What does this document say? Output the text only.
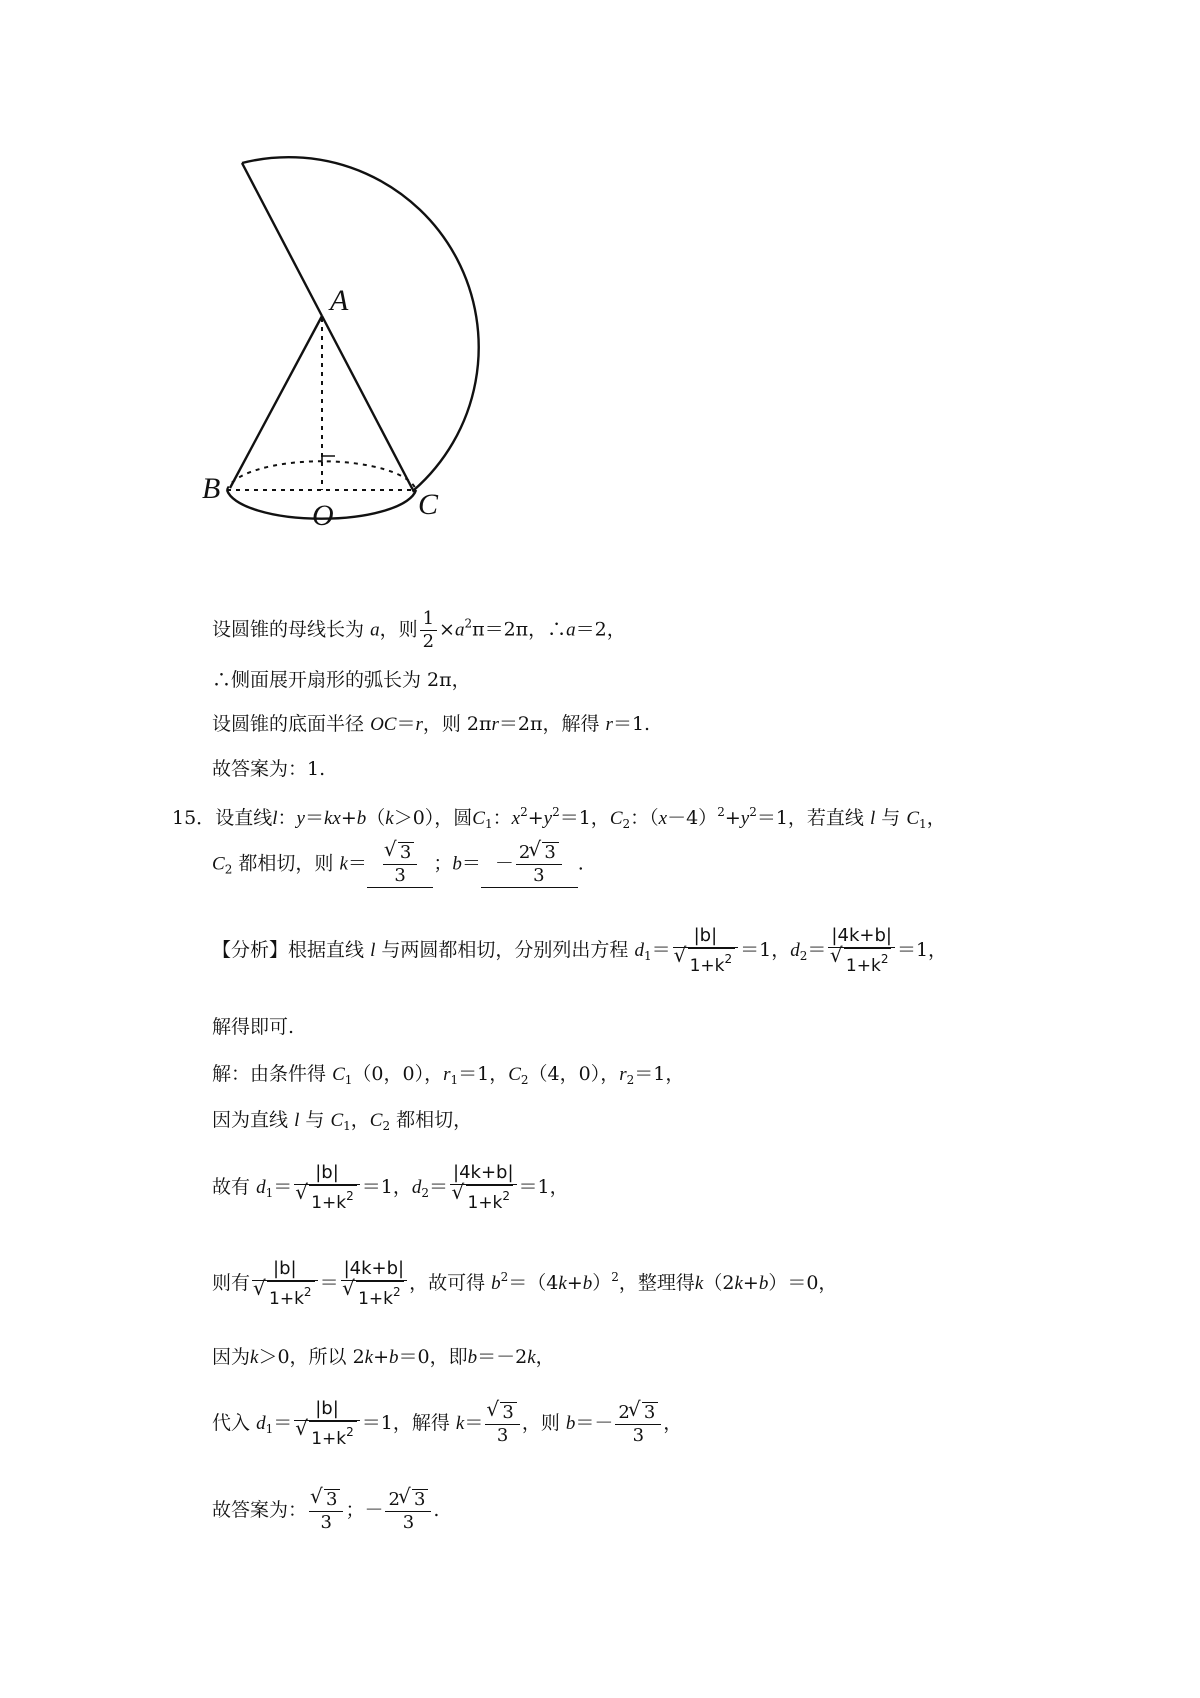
A
B
O	C
设圆锥的母线长为 a，则 $\frac{1}{2} \times a^2\pi=2\pi$，∴a＝2，
∴侧面展开扇形的弧长为 2π，
设圆锥的底面半径 OC＝r，则 2πr＝2π，解得 r＝1.
故答案为：1.
15．设直线l：y＝kx+b（k＞0），圆$C_1$：$x^2+y^2=1$，$C_2$：$(x-4)^2+y^2=1$，若直线 l 与 $C_1$，
$C_2$ 都相切，则 k＝ √ $\frac{3}{3}$ ；$b= - \frac{2 √ 3}{3}$ .
【分析】根据直线 l 与两圆都相切，分别列出方程 $d_1= |b|$
√ $1+k^2 =1$，$d_2= |4k+b|$
√ $1+k^2 =1$，
解得即可.
解：由条件得 $C_1(0$，0），$r_1=1$，$C_2(4$，0），$r_2=1$，
因为直线 l 与 $C_1$，$C_2$ 都相切，
故有 $d_1= |b|$
√ $1+k^2 =1$，$d_2= |4k+b|$
√ $1+k^2 =1$，
则有 |b|
√ $1+k^2 = |4k+b|$
√ $1+k^2$ ，故可得 $b^2=(4k+b)^2$，整理得k（2k+b）＝0，
因为k＞0，所以 2k+b＝0，即b＝－2k，
代入 $d_1= |b|$
√ $1+k^2 =1$，解得 k＝ √ $\frac{3}{3}$ ，则 $b=- \frac{2 √ 3}{3}$ ，
故答案为： √ $\frac{3}{3}$ ；－ $\frac{2 √ 3}{3}$ .
